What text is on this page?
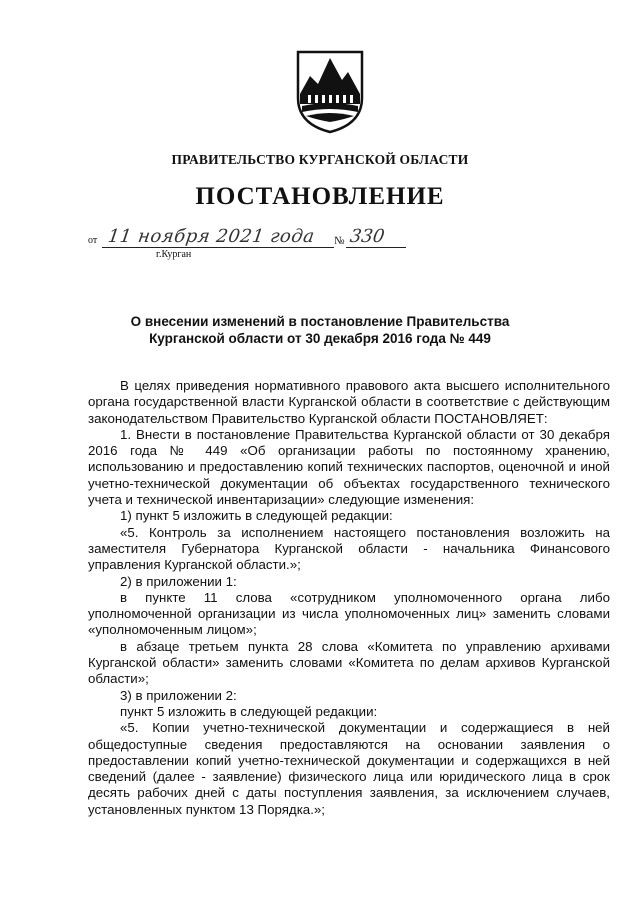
ПРАВИТЕЛЬСТВО КУРГАНСКОЙ ОБЛАСТИ
ПОСТАНОВЛЕНИЕ
от 11 ноября 2021 года № 330
г.Курган
О внесении изменений в постановление Правительства Курганской области от 30 декабря 2016 года № 449

В целях приведения нормативного правового акта высшего исполнительного органа государственной власти Курганской области в соответствие с действующим законодательством Правительство Курганской области ПОСТАНОВЛЯЕТ:

1. Внести в постановление Правительства Курганской области от 30 декабря 2016 года № 449 «Об организации работы по постоянному хранению, использованию и предоставлению копий технических паспортов, оценочной и иной учетно-технической документации об объектах государственного технического учета и технической инвентаризации» следующие изменения:

1) пункт 5 изложить в следующей редакции:

«5. Контроль за исполнением настоящего постановления возложить на заместителя Губернатора Курганской области - начальника Финансового управления Курганской области.»;

2) в приложении 1:

в пункте 11 слова «сотрудником уполномоченного органа либо уполномоченной организации из числа уполномоченных лиц» заменить словами «уполномоченным лицом»;

в абзаце третьем пункта 28 слова «Комитета по управлению архивами Курганской области» заменить словами «Комитета по делам архивов Курганской области»;

3) в приложении 2:

пункт 5 изложить в следующей редакции:

«5. Копии учетно-технической документации и содержащиеся в ней общедоступные сведения предоставляются на основании заявления о предоставлении копий учетно-технической документации и содержащихся в ней сведений (далее - заявление) физического лица или юридического лица в срок десять рабочих дней с даты поступления заявления, за исключением случаев, установленных пунктом 13 Порядка.»;
